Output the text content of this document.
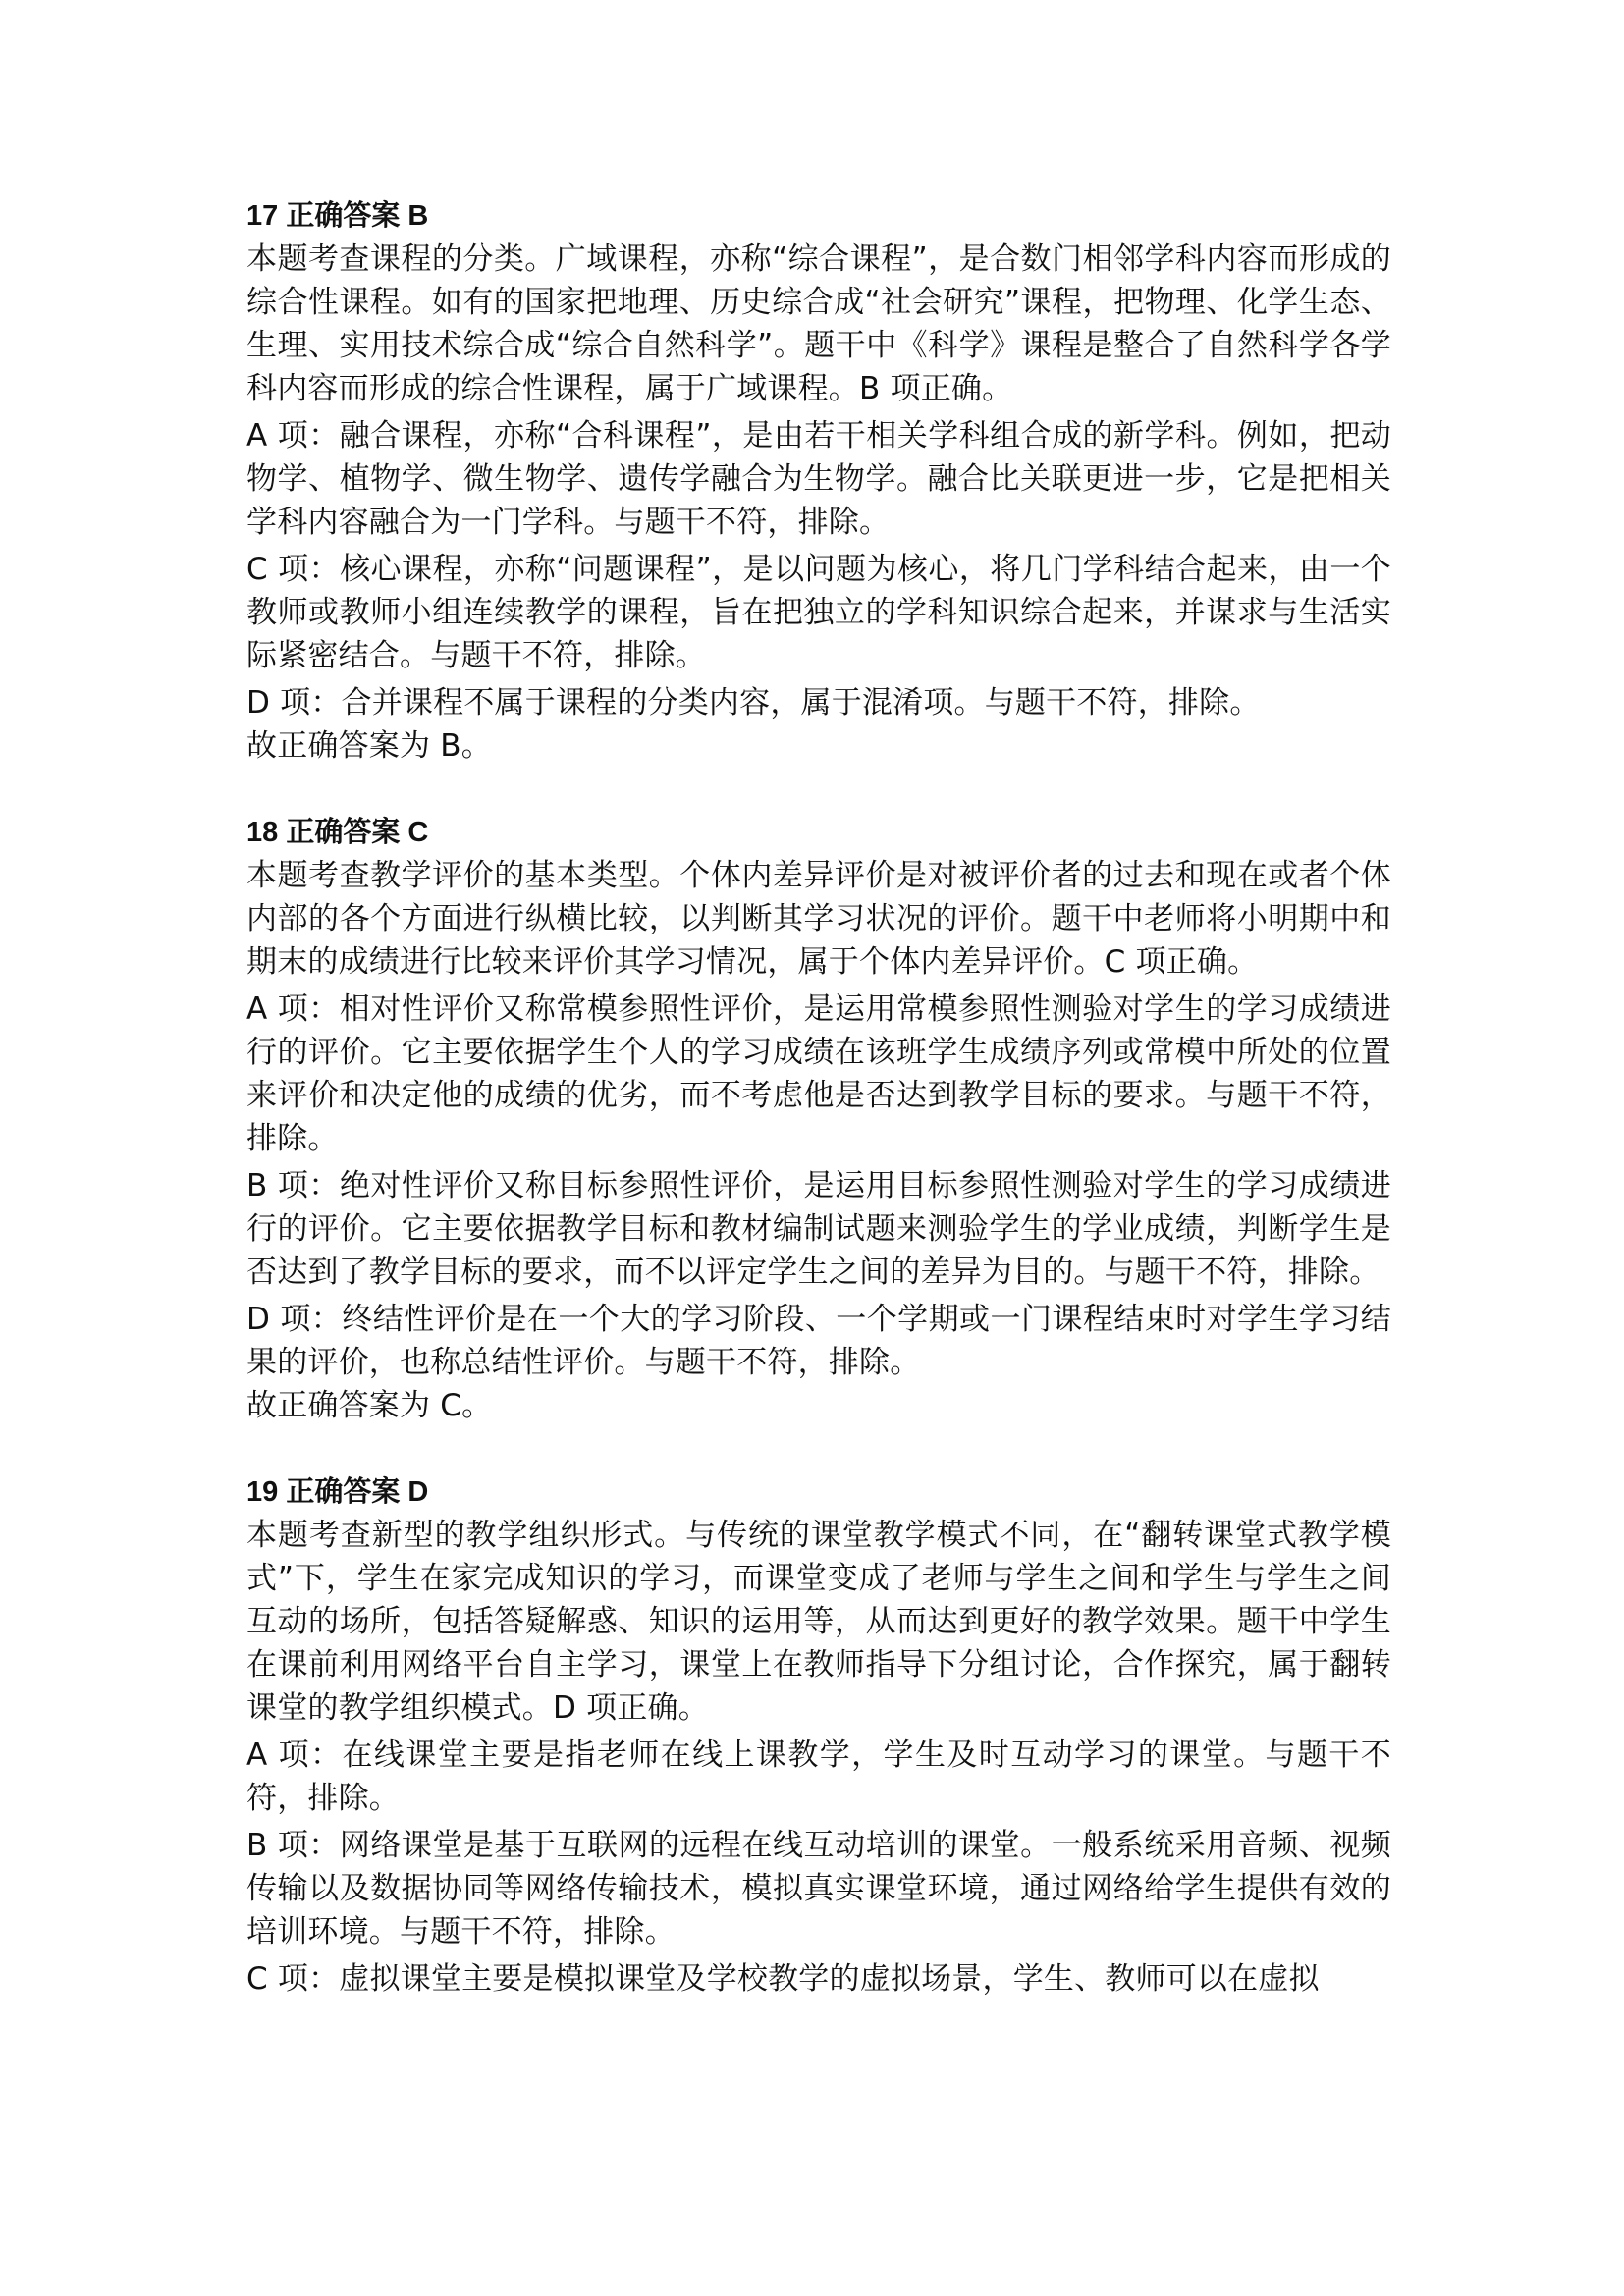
17 正确答案 B

本题考查课程的分类。广域课程，亦称“综合课程”，是合数门相邻学科内容而形成的综合性课程。如有的国家把地理、历史综合成“社会研究”课程，把物理、化学生态、生理、实用技术综合成“综合自然科学”。题干中《科学》课程是整合了自然科学各学科内容而形成的综合性课程，属于广域课程。B 项正确。

A 项：融合课程，亦称“合科课程”，是由若干相关学科组合成的新学科。例如，把动物学、植物学、微生物学、遗传学融合为生物学。融合比关联更进一步，它是把相关学科内容融合为一门学科。与题干不符，排除。

C 项：核心课程，亦称“问题课程”，是以问题为核心，将几门学科结合起来，由一个教师或教师小组连续教学的课程，旨在把独立的学科知识综合起来，并谋求与生活实际紧密结合。与题干不符，排除。

D 项：合并课程不属于课程的分类内容，属于混淆项。与题干不符，排除。

故正确答案为 B。

18 正确答案 C

本题考查教学评价的基本类型。个体内差异评价是对被评价者的过去和现在或者个体内部的各个方面进行纵横比较，以判断其学习状况的评价。题干中老师将小明期中和期末的成绩进行比较来评价其学习情况，属于个体内差异评价。C 项正确。

A 项：相对性评价又称常模参照性评价，是运用常模参照性测验对学生的学习成绩进行的评价。它主要依据学生个人的学习成绩在该班学生成绩序列或常模中所处的位置来评价和决定他的成绩的优劣，而不考虑他是否达到教学目标的要求。与题干不符，排除。

B 项：绝对性评价又称目标参照性评价，是运用目标参照性测验对学生的学习成绩进行的评价。它主要依据教学目标和教材编制试题来测验学生的学业成绩，判断学生是否达到了教学目标的要求，而不以评定学生之间的差异为目的。与题干不符，排除。

D 项：终结性评价是在一个大的学习阶段、一个学期或一门课程结束时对学生学习结果的评价，也称总结性评价。与题干不符，排除。

故正确答案为 C。

19 正确答案 D

本题考查新型的教学组织形式。与传统的课堂教学模式不同，在“翻转课堂式教学模式”下，学生在家完成知识的学习，而课堂变成了老师与学生之间和学生与学生之间互动的场所，包括答疑解惑、知识的运用等，从而达到更好的教学效果。题干中学生在课前利用网络平台自主学习，课堂上在教师指导下分组讨论，合作探究，属于翻转课堂的教学组织模式。D 项正确。

A 项：在线课堂主要是指老师在线上课教学，学生及时互动学习的课堂。与题干不符，排除。

B 项：网络课堂是基于互联网的远程在线互动培训的课堂。一般系统采用音频、视频传输以及数据协同等网络传输技术，模拟真实课堂环境，通过网络给学生提供有效的培训环境。与题干不符，排除。

C 项：虚拟课堂主要是模拟课堂及学校教学的虚拟场景，学生、教师可以在虚拟
